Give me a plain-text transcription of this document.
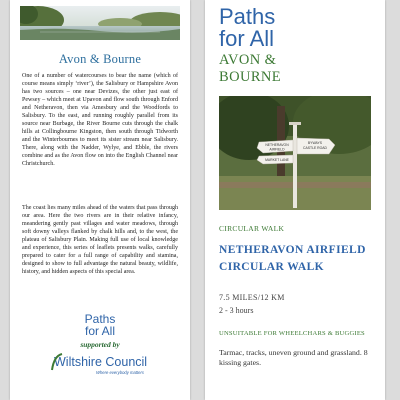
Avon & Bourne

One of a number of watercourses to bear the name (which of course means simply ‘river’), the Salisbury or Hampshire Avon has two sources – one near Devizes, the other just east of Pewsey – which meet at Upavon and flow south through Enford and Netheravon, then via Amesbury and the Woodfords to Salisbury. To the east, and running roughly parallel from its source near Burbage, the River Bourne cuts through the chalk hills at Collingbourne Kingston, then south through Tidworth and the Winterbournes to meet its sister stream near Salisbury. There, along with the Nadder, Wylye, and Ebble, the rivers combine and as the Avon flow on into the English Channel near Christchurch.

The coast lies many miles ahead of the waters that pass through our area. Here the two rivers are in their relative infancy, meandering gently past villages and water meadows, through soft downy valleys flanked by chalk hills and, to the west, the plateau of Salisbury Plain. Making full use of local knowledge and experience, this series of leaflets presents walks, carefully prepared to cater for a full range of capability and stamina, designed to show to full advantage the natural beauty, wildlife, history, and hidden aspects of this special area.

Paths
for All
supported by
Wiltshire Council
Where everybody matters
Paths
for All
AVON &
BOURNE
NETHERAVON
AIRFIELD
MARKET LANE
BYWAYS
CASTLE ROAD
CIRCULAR WALK
NETHERAVON AIRFIELD
CIRCULAR WALK
7.5 MILES/12 KM
2 - 3 hours
UNSUITABLE FOR WHEELCHARS & BUGGIES
Tarmac, tracks, uneven ground and grassland. 8 kissing gates.
